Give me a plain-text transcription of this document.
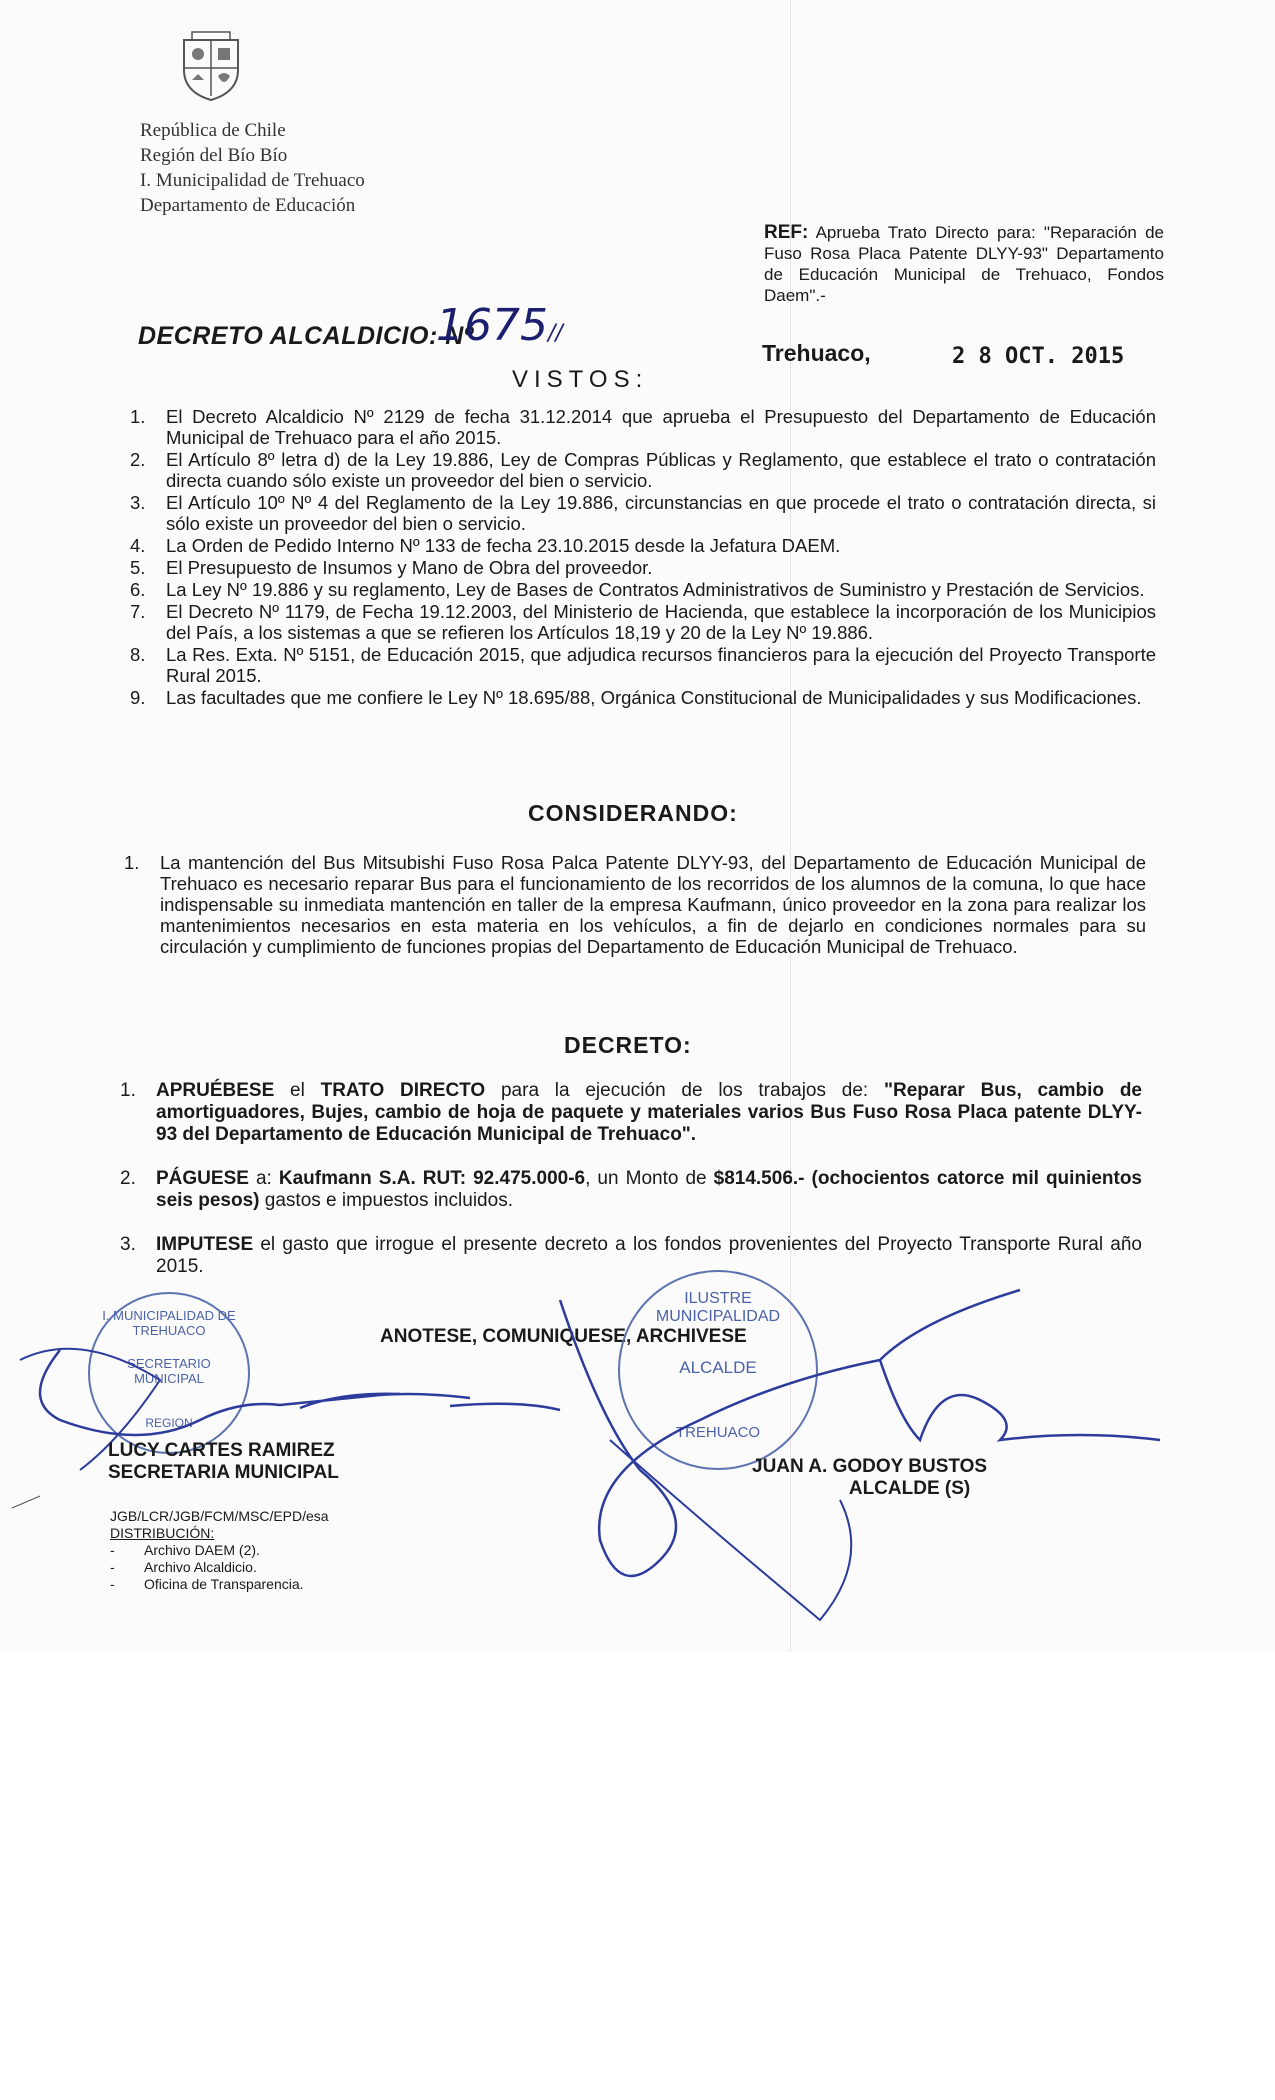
República de Chile
Región del Bío Bío
I. Municipalidad de Trehuaco
Departamento de Educación
REF: Aprueba Trato Directo para: "Reparación de Fuso Rosa Placa Patente DLYY-93" Departamento de Educación Municipal de Trehuaco, Fondos Daem".-
DECRETO ALCALDICIO: Nº
1675//
VISTOS:
Trehuaco,	2 8 OCT. 2015
1. El Decreto Alcaldicio Nº 2129 de fecha 31.12.2014 que aprueba el Presupuesto del Departamento de Educación Municipal de Trehuaco para el año 2015.
2. El Artículo 8º letra d) de la Ley 19.886, Ley de Compras Públicas y Reglamento, que establece el trato o contratación directa cuando sólo existe un proveedor del bien o servicio.
3. El Artículo 10º Nº 4 del Reglamento de la Ley 19.886, circunstancias en que procede el trato o contratación directa, si sólo existe un proveedor del bien o servicio.
4. La Orden de Pedido Interno Nº 133 de fecha 23.10.2015 desde la Jefatura DAEM.
5. El Presupuesto de Insumos y Mano de Obra del proveedor.
6. La Ley Nº 19.886 y su reglamento, Ley de Bases de Contratos Administrativos de Suministro y Prestación de Servicios.
7. El Decreto Nº 1179, de Fecha 19.12.2003, del Ministerio de Hacienda, que establece la incorporación de los Municipios del País, a los sistemas a que se refieren los Artículos 18,19 y 20 de la Ley Nº 19.886.
8. La Res. Exta. Nº 5151, de Educación 2015, que adjudica recursos financieros para la ejecución del Proyecto Transporte Rural 2015.
9. Las facultades que me confiere le Ley Nº 18.695/88, Orgánica Constitucional de Municipalidades y sus Modificaciones.
CONSIDERANDO:
1. La mantención del Bus Mitsubishi Fuso Rosa Palca Patente DLYY-93, del Departamento de Educación Municipal de Trehuaco es necesario reparar Bus para el funcionamiento de los recorridos de los alumnos de la comuna, lo que hace indispensable su inmediata mantención en taller de la empresa Kaufmann, único proveedor en la zona para realizar los mantenimientos necesarios en esta materia en los vehículos, a fin de dejarlo en condiciones normales para su circulación y cumplimiento de funciones propias del Departamento de Educación Municipal de Trehuaco.
DECRETO:
1. APRUÉBESE el TRATO DIRECTO para la ejecución de los trabajos de: "Reparar Bus, cambio de amortiguadores, Bujes, cambio de hoja de paquete y materiales varios Bus Fuso Rosa Placa patente DLYY-93 del Departamento de Educación Municipal de Trehuaco".
2. PÁGUESE a: Kaufmann S.A. RUT: 92.475.000-6, un Monto de $814.506.- (ochocientos catorce mil quinientos seis pesos) gastos e impuestos incluidos.
3. IMPUTESE el gasto que irrogue el presente decreto a los fondos provenientes del Proyecto Transporte Rural año 2015.
ANOTESE, COMUNIQUESE, ARCHIVESE
I. MUNICIPALIDAD DE TREHUACO
SECRETARIO MUNICIPAL
REGION
ILUSTRE MUNICIPALIDAD
ALCALDE
TREHUACO
LUCY CARTES RAMIREZ
SECRETARIA MUNICIPAL	JUAN A. GODOY BUSTOS
ALCALDE (S)
JGB/LCR/JGB/FCM/MSC/EPD/esa
DISTRIBUCIÓN:
- Archivo DAEM (2).
- Archivo Alcaldicio.
- Oficina de Transparencia.
